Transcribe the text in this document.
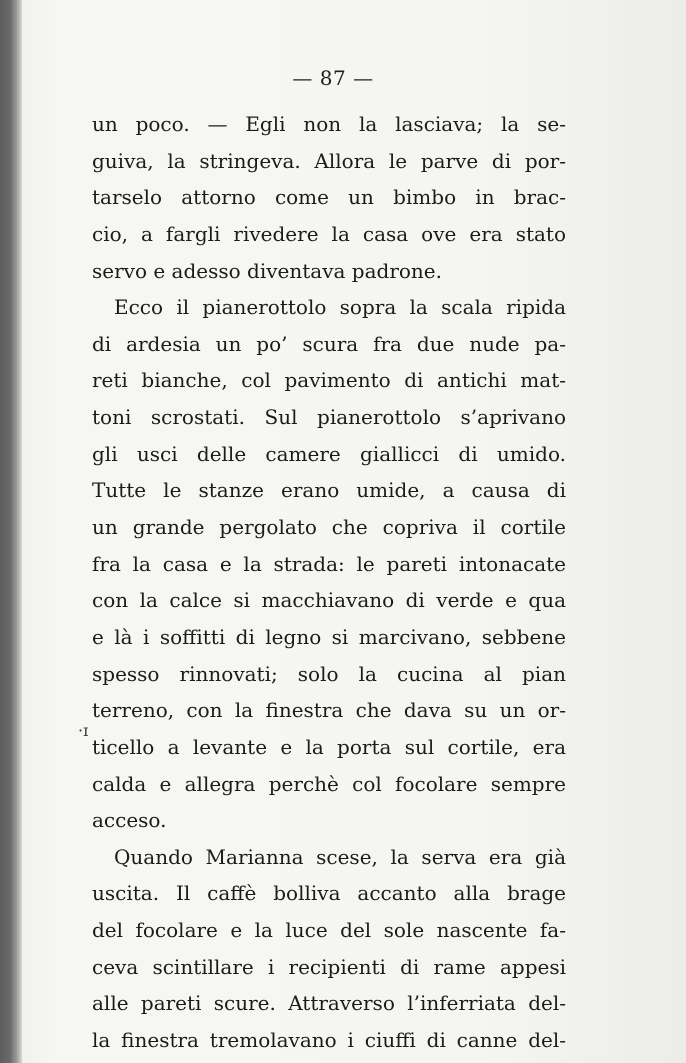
— 87 —
·ɪ
un poco. — Egli non la lasciava; la se-
guiva, la stringeva. Allora le parve di por-
tarselo attorno come un bimbo in brac-
cio, a fargli rivedere la casa ove era stato
servo e adesso diventava padrone.
Ecco il pianerottolo sopra la scala ripida
di ardesia un po’ scura fra due nude pa-
reti bianche, col pavimento di antichi mat-
toni scrostati. Sul pianerottolo s’aprivano
gli usci delle camere giallicci di umido.
Tutte le stanze erano umide, a causa di
un grande pergolato che copriva il cortile
fra la casa e la strada: le pareti intonacate
con la calce si macchiavano di verde e qua
e là i soffitti di legno si marcivano, sebbene
spesso rinnovati; solo la cucina al pian
terreno, con la finestra che dava su un or-
ticello a levante e la porta sul cortile, era
calda e allegra perchè col focolare sempre
acceso.
Quando Marianna scese, la serva era già
uscita. Il caffè bolliva accanto alla brage
del focolare e la luce del sole nascente fa-
ceva scintillare i recipienti di rame appesi
alle pareti scure. Attraverso l’inferriata del-
la finestra tremolavano i ciuffi di canne del-
